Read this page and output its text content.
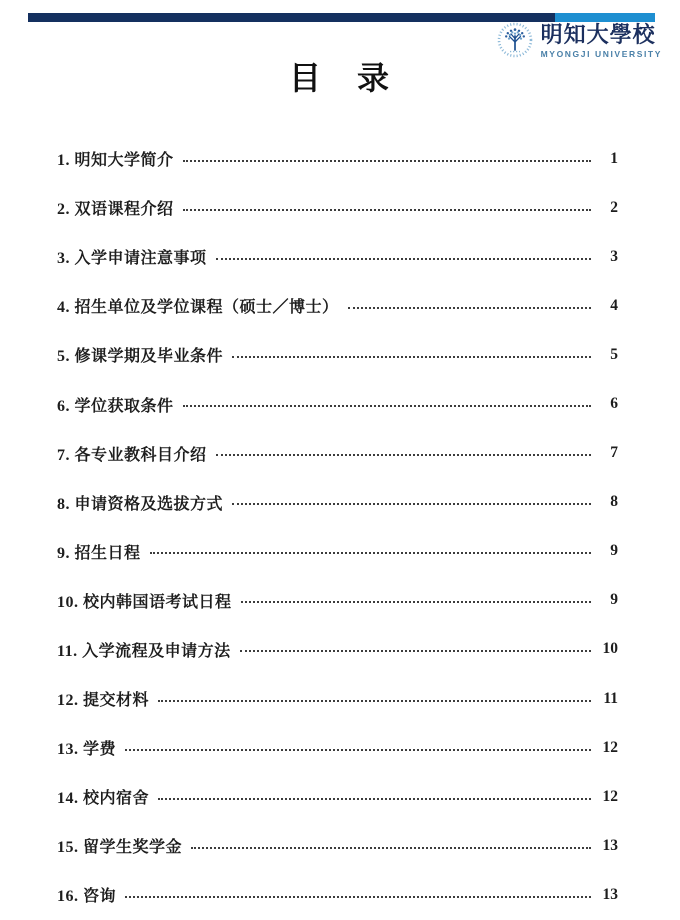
明知大學校
MYONGJI UNIVERSITY
目　录
1. 明知大学简介	1
2. 双语课程介绍	2
3. 入学申请注意事项	3
4. 招生单位及学位课程（硕士／博士）	4
5. 修课学期及毕业条件	5
6. 学位获取条件	6
7. 各专业教科目介绍	7
8. 申请资格及选拔方式	8
9. 招生日程	9
10. 校内韩国语考试日程	9
11. 入学流程及申请方法	10
12. 提交材料	11
13. 学费	12
14. 校内宿舍	12
15. 留学生奖学金	13
16. 咨询	13
